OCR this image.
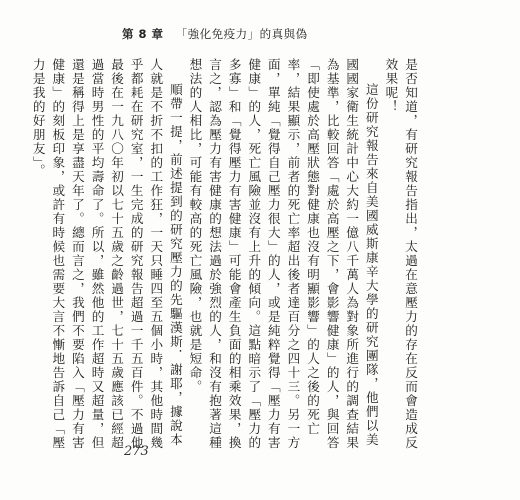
第 8 章 「強化免疫力」的真與偽

是否知道，有研究報告指出，太過在意壓力的存在反而會造成反效果呢！

這份研究報告來自美國威斯康辛大學的研究團隊，他們以美國國家衛生統計中心大約一億八千萬人為對象所進行的調查結果為基準，比較回答「處於高壓之下，會影響健康」的人，與回答「即使處於高壓狀態對健康也沒有明顯影響」的人之後的死亡率，結果顯示，前者的死亡率超出後者達百分之四十三。另一方面，單純「覺得自己壓力很大」的人，或是純粹覺得「壓力有害健康」的人，死亡風險並沒有上升的傾向。這點暗示了「壓力的多寡」和「覺得壓力有害健康」可能會產生負面的相乘效果，換言之，認為壓力有害健康的想法過於強烈的人，和沒有抱著這種想法的人相比，可能有較高的死亡風險，也就是短命。

順帶一提，前述提到的研究壓力的先驅漢斯．謝耶，據說本人就是不折不扣的工作狂，一天只睡四至五個小時，其他時間幾乎都耗在研究室，一生完成的研究報告超過一千五百件。不過他最後在一九八〇年初以七十五歲之齡過世，七十五歲應該已經超過當時男性的平均壽命了。所以，雖然他的工作超時又超量，但還是稱得上是享盡天年了。總而言之，我們不要陷入「壓力有害健康」的刻板印象，或許有時候也需要大言不慚地告訴自己「壓力是我的好朋友」。

273
